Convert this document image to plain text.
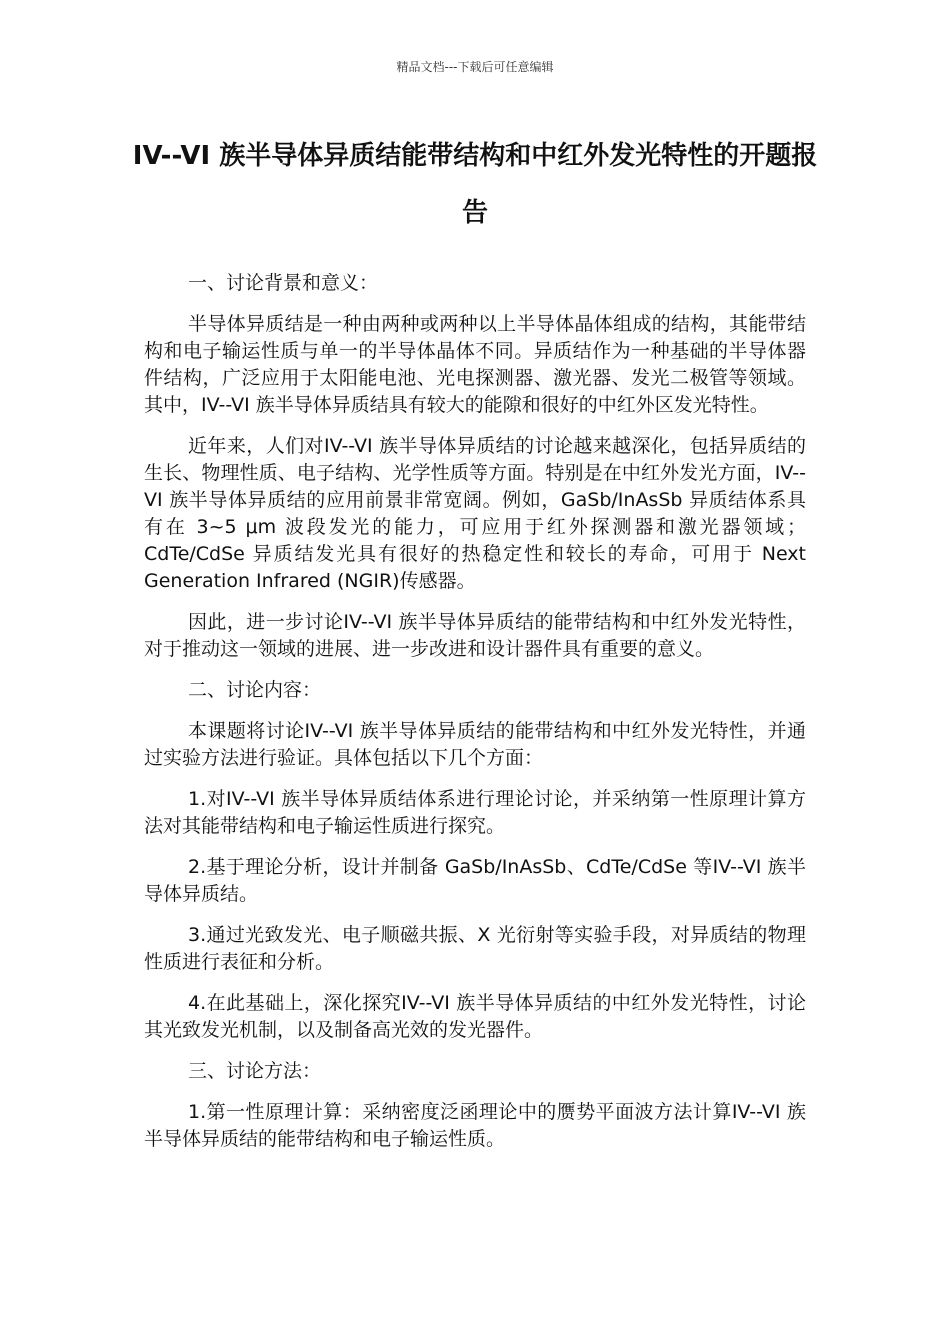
精品文档---下载后可任意编辑
IV--VI 族半导体异质结能带结构和中红外发光特性的开题报告

一、讨论背景和意义：

半导体异质结是一种由两种或两种以上半导体晶体组成的结构，其能带结构和电子输运性质与单一的半导体晶体不同。异质结作为一种基础的半导体器件结构，广泛应用于太阳能电池、光电探测器、激光器、发光二极管等领域。其中，IV--VI 族半导体异质结具有较大的能隙和很好的中红外区发光特性。

近年来，人们对IV--VI 族半导体异质结的讨论越来越深化，包括异质结的生长、物理性质、电子结构、光学性质等方面。特别是在中红外发光方面，IV--VI 族半导体异质结的应用前景非常宽阔。例如，GaSb/InAsSb 异质结体系具有在 3~5 μm 波段发光的能力，可应用于红外探测器和激光器领域；CdTe/CdSe 异质结发光具有很好的热稳定性和较长的寿命，可用于 Next Generation Infrared (NGIR)传感器。

因此，进一步讨论IV--VI 族半导体异质结的能带结构和中红外发光特性，对于推动这一领域的进展、进一步改进和设计器件具有重要的意义。

二、讨论内容：

本课题将讨论IV--VI 族半导体异质结的能带结构和中红外发光特性，并通过实验方法进行验证。具体包括以下几个方面：

1.对IV--VI 族半导体异质结体系进行理论讨论，并采纳第一性原理计算方法对其能带结构和电子输运性质进行探究。

2.基于理论分析，设计并制备 GaSb/InAsSb、CdTe/CdSe 等IV--VI 族半导体异质结。

3.通过光致发光、电子顺磁共振、X 光衍射等实验手段，对异质结的物理性质进行表征和分析。

4.在此基础上，深化探究IV--VI 族半导体异质结的中红外发光特性，讨论其光致发光机制，以及制备高光效的发光器件。

三、讨论方法：

1.第一性原理计算：采纳密度泛函理论中的赝势平面波方法计算IV--VI 族半导体异质结的能带结构和电子输运性质。
